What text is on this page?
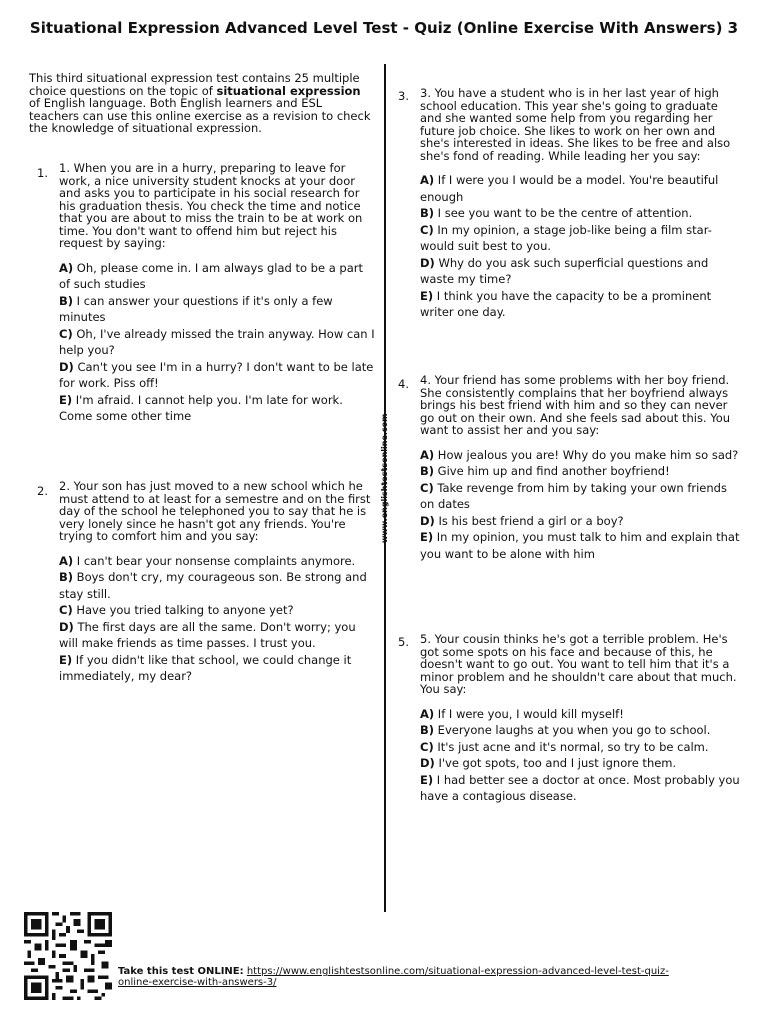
Situational Expression Advanced Level Test - Quiz (Online Exercise With Answers) 3
www.englishtestsonline.com
This third situational expression test contains 25 multiple choice questions on the topic of situational expression of English language. Both English learners and ESL teachers can use this online exercise as a revision to check the knowledge of situational expression.
1. 1. When you are in a hurry, preparing to leave for work, a nice university student knocks at your door and asks you to participate in his social research for his graduation thesis. You check the time and notice that you are about to miss the train to be at work on time. You don't want to offend him but reject his request by saying:
A) Oh, please come in. I am always glad to be a part of such studies
B) I can answer your questions if it's only a few minutes
C) Oh, I've already missed the train anyway. How can I help you?
D) Can't you see I'm in a hurry? I don't want to be late for work. Piss off!
E) I'm afraid. I cannot help you. I'm late for work. Come some other time
2. 2. Your son has just moved to a new school which he must attend to at least for a semestre and on the first day of the school he telephoned you to say that he is very lonely since he hasn't got any friends. You're trying to comfort him and you say:
A) I can't bear your nonsense complaints anymore.
B) Boys don't cry, my courageous son. Be strong and stay still.
C) Have you tried talking to anyone yet?
D) The first days are all the same. Don't worry; you will make friends as time passes. I trust you.
E) If you didn't like that school, we could change it immediately, my dear?
3. 3. You have a student who is in her last year of high school education. This year she's going to graduate and she wanted some help from you regarding her future job choice. She likes to work on her own and she's interested in ideas. She likes to be free and also she's fond of reading. While leading her you say:
A) If I were you I would be a model. You're beautiful enough
B) I see you want to be the centre of attention.
C) In my opinion, a stage job-like being a film star-would suit best to you.
D) Why do you ask such superficial questions and waste my time?
E) I think you have the capacity to be a prominent writer one day.
4. 4. Your friend has some problems with her boy friend. She consistently complains that her boyfriend always brings his best friend with him and so they can never go out on their own. And she feels sad about this. You want to assist her and you say:
A) How jealous you are! Why do you make him so sad?
B) Give him up and find another boyfriend!
C) Take revenge from him by taking your own friends on dates
D) Is his best friend a girl or a boy?
E) In my opinion, you must talk to him and explain that you want to be alone with him
5. 5. Your cousin thinks he's got a terrible problem. He's got some spots on his face and because of this, he doesn't want to go out. You want to tell him that it's a minor problem and he shouldn't care about that much. You say:
A) If I were you, I would kill myself!
B) Everyone laughs at you when you go to school.
C) It's just acne and it's normal, so try to be calm.
D) I've got spots, too and I just ignore them.
E) I had better see a doctor at once. Most probably you have a contagious disease.
Take this test ONLINE: https://www.englishtestsonline.com/situational-expression-advanced-level-test-quiz-online-exercise-with-answers-3/
